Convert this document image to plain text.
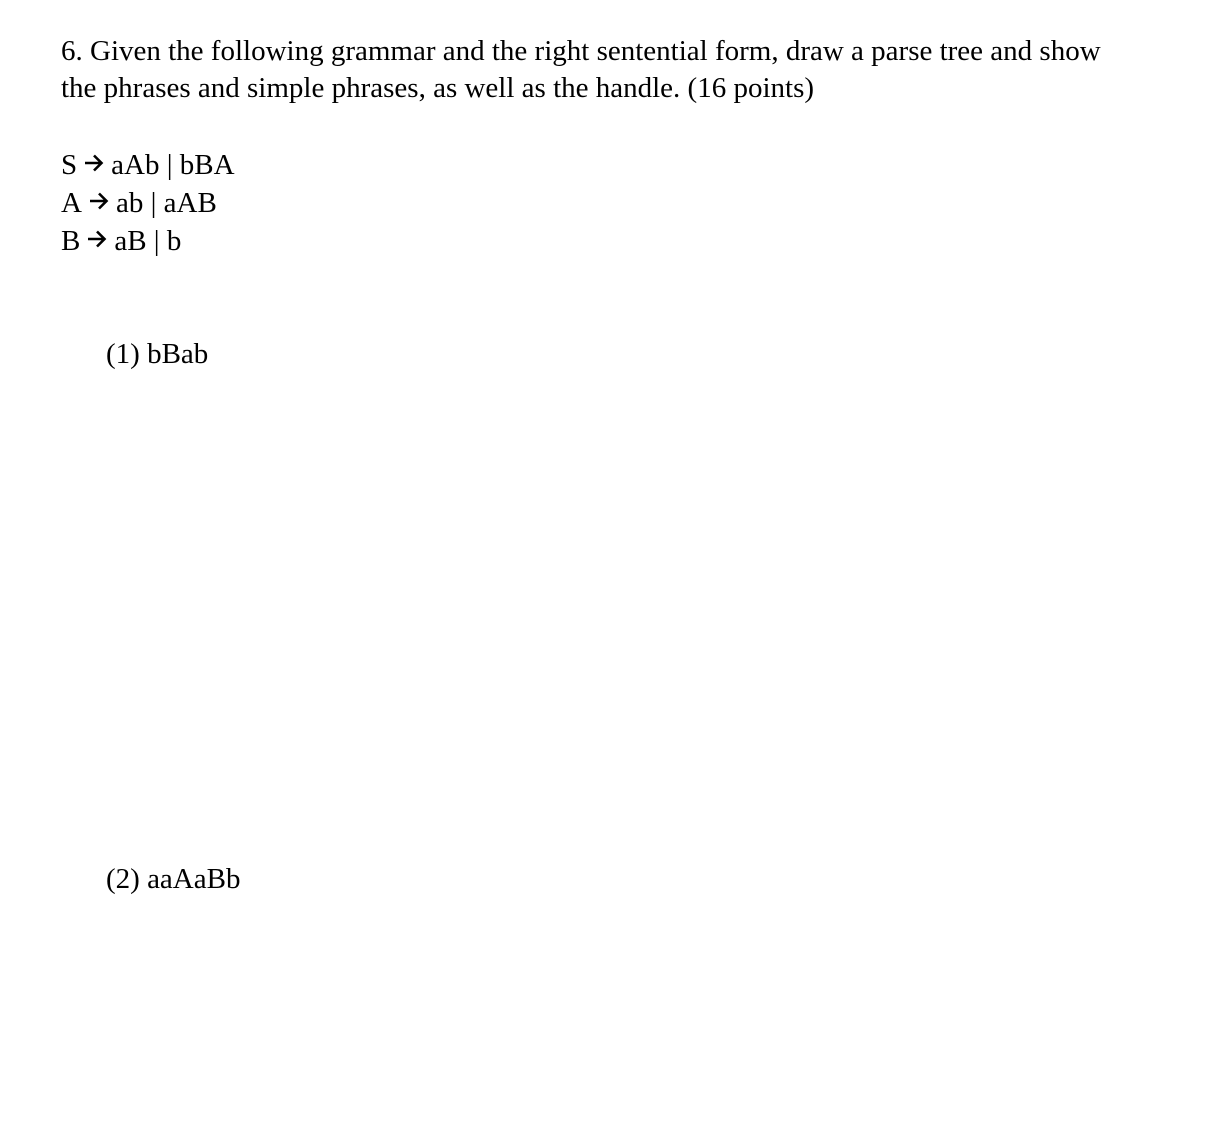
6. Given the following grammar and the right sentential form, draw a parse tree and show
the phrases and simple phrases, as well as the handle. (16 points)
S aAb | bBA
A ab | aAB
B aB | b
(1) bBab
(2) aaAaBb
